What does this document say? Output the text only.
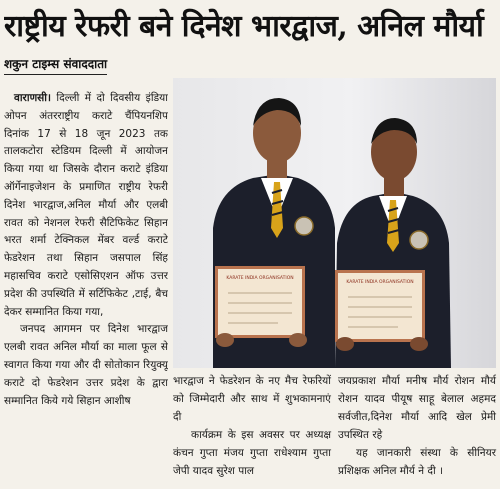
राष्ट्रीय रेफरी बने दिनेश भारद्वाज, अनिल मौर्या
शकुन टाइम्स संवाददाता

वाराणसी। दिल्ली में दो दिवसीय इंडिया ओपन अंतरराष्ट्रीय कराटे चैंपियनशिप दिनांक 17 से 18 जून 2023 तक तालकटोरा स्टेडियम दिल्ली में आयोजन किया गया था जिसके दौरान कराटे इंडिया ऑर्गेनाइजेशन के प्रमाणित राष्ट्रीय रेफरी दिनेश भारद्वाज,अनिल मौर्या और एलबी रावत को नेशनल रेफरी सैटिफिकेट सिहान भरत शर्मा टेक्निकल मेंबर वर्ल्ड कराटे फेडरेशन तथा सिहान जसपाल सिंह महासचिव कराटे एसोसिएशन ऑफ उत्तर प्रदेश की उपस्थिति में सर्टिफिकेट ,टाई, बैच देकर सम्मानित किया गया,

जनपद आगमन पर दिनेश भारद्वाज एलबी रावत अनिल मौर्या का माला फूल से स्वागत किया गया और दी सोतोकान रियुक्यू कराटे दो फेडरेशन उत्तर प्रदेश के द्वारा सम्मानित किये गये सिहान आशीष

KARATE INDIA ORGANISATION
KARATE INDIA ORGANISATION

भारद्वाज ने फेडरेशन के नए मैच रेफरियों को जिम्मेदारी और साथ में शुभकामनाएं दी

कार्यक्रम के इस अवसर पर अध्यक्ष कंचन गुप्ता मंजय गुप्ता राधेश्याम गुप्ता जेपी यादव सुरेश पाल

जयप्रकाश मौर्या मनीष मौर्य रोशन मौर्य रोशन यादव पीयूष साहू बेलाल अहमद सर्वजीत,दिनेश मौर्या आदि खेल प्रेमी उपस्थित रहे

यह जानकारी संस्था के सीनियर प्रशिक्षक अनिल मौर्य ने दी ।
